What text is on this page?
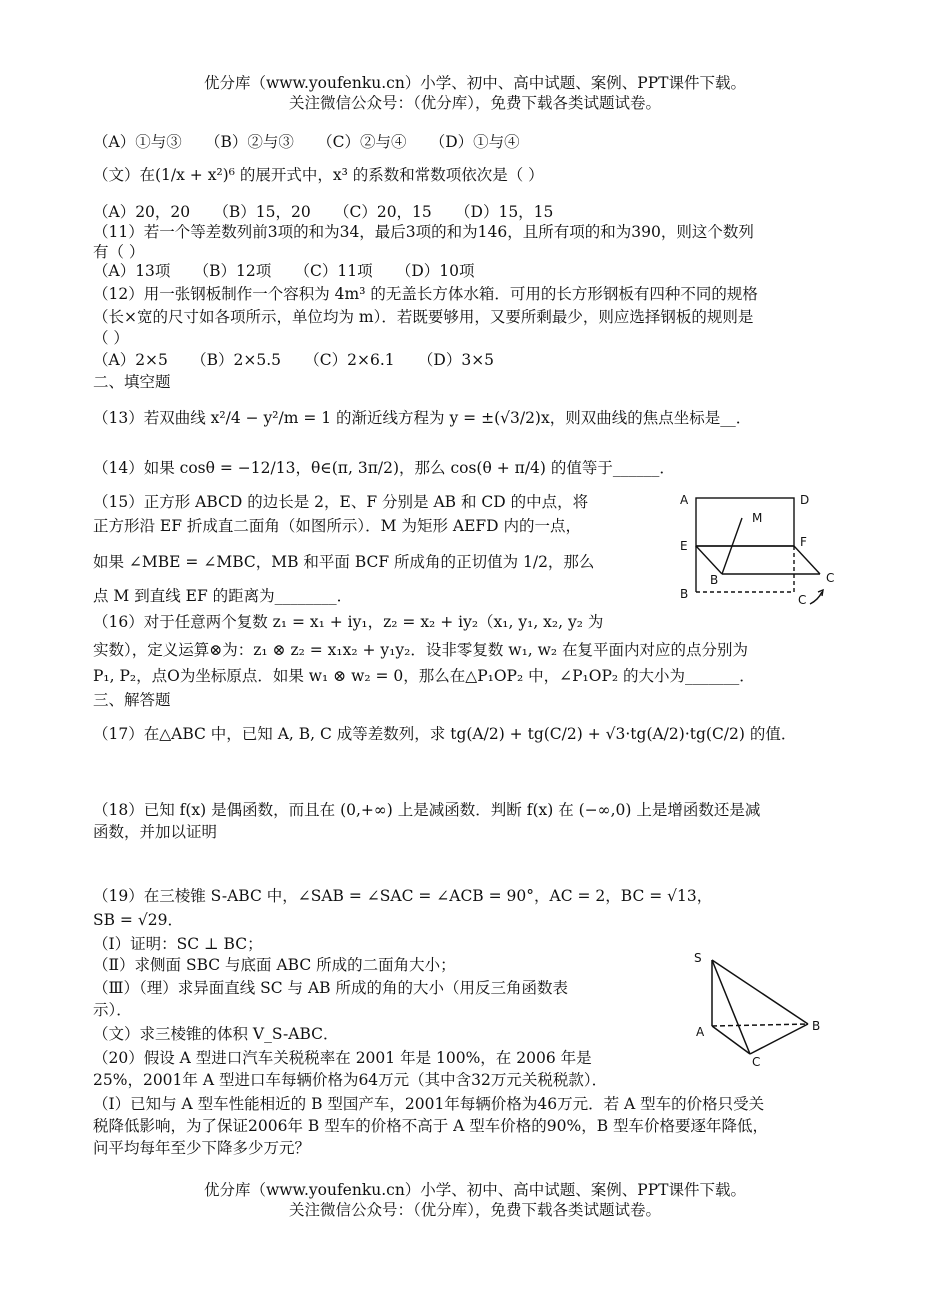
优分库（www.youfenku.cn）小学、初中、高中试题、案例、PPT课件下载。
关注微信公众号：（优分库），免费下载各类试题试卷。
（A）①与③　　（B）②与③　　（C）②与④　　（D）①与④
（文）在(1/x + x²)⁶ 的展开式中，x³ 的系数和常数项依次是（ ）
（A）20，20　　（B）15，20　　（C）20，15　　（D）15，15
（11）若一个等差数列前3项的和为34，最后3项的和为146，且所有项的和为390，则这个数列
有（ ）
（A）13项　　（B）12项　　（C）11项　　（D）10项
（12）用一张钢板制作一个容积为 4m³ 的无盖长方体水箱．可用的长方形钢板有四种不同的规格
（长×宽的尺寸如各项所示，单位均为 m）．若既要够用，又要所剩最少，则应选择钢板的规则是
（ ）
（A）2×5　　（B）2×5.5　　（C）2×6.1　　（D）3×5
二、填空题
（13）若双曲线 x²/4 − y²/m = 1 的渐近线方程为 y = ±(√3/2)x，则双曲线的焦点坐标是__．
（14）如果 cosθ = −12/13，θ∈(π, 3π/2)，那么 cos(θ + π/4) 的值等于______．
（15）正方形 ABCD 的边长是 2，E、F 分别是 AB 和 CD 的中点，将
正方形沿 EF 折成直二面角（如图所示）．M 为矩形 AEFD 内的一点，
如果 ∠MBE = ∠MBC，MB 和平面 BCF 所成角的正切值为 1/2，那么
点 M 到直线 EF 的距离为________．
A	D
M
E	F
B	C
B	C
（16）对于任意两个复数 z₁ = x₁ + iy₁，z₂ = x₂ + iy₂（x₁, y₁, x₂, y₂ 为
实数），定义运算⊗为：z₁ ⊗ z₂ = x₁x₂ + y₁y₂．设非零复数 w₁, w₂ 在复平面内对应的点分别为
P₁, P₂，点O为坐标原点．如果 w₁ ⊗ w₂ = 0，那么在△P₁OP₂ 中，∠P₁OP₂ 的大小为_______．
三、解答题
（17）在△ABC 中，已知 A, B, C 成等差数列，求 tg(A/2) + tg(C/2) + √3·tg(A/2)·tg(C/2) 的值．
（18）已知 f(x) 是偶函数，而且在 (0,+∞) 上是减函数．判断 f(x) 在 (−∞,0) 上是增函数还是减
函数，并加以证明
（19）在三棱锥 S-ABC 中，∠SAB = ∠SAC = ∠ACB = 90°，AC = 2，BC = √13，
SB = √29．
（Ⅰ）证明：SC ⊥ BC；
（Ⅱ）求侧面 SBC 与底面 ABC 所成的二面角大小；
（Ⅲ）（理）求异面直线 SC 与 AB 所成的角的大小（用反三角函数表
示）．
（文）求三棱锥的体积 V_S-ABC．
S
A	B
C
（20）假设 A 型进口汽车关税税率在 2001 年是 100%，在 2006 年是
25%，2001年 A 型进口车每辆价格为64万元（其中含32万元关税税款）．
（Ⅰ）已知与 A 型车性能相近的 B 型国产车，2001年每辆价格为46万元．若 A 型车的价格只受关
税降低影响，为了保证2006年 B 型车的价格不高于 A 型车价格的90%，B 型车价格要逐年降低，
问平均每年至少下降多少万元？
优分库（www.youfenku.cn）小学、初中、高中试题、案例、PPT课件下载。
关注微信公众号：（优分库），免费下载各类试题试卷。
